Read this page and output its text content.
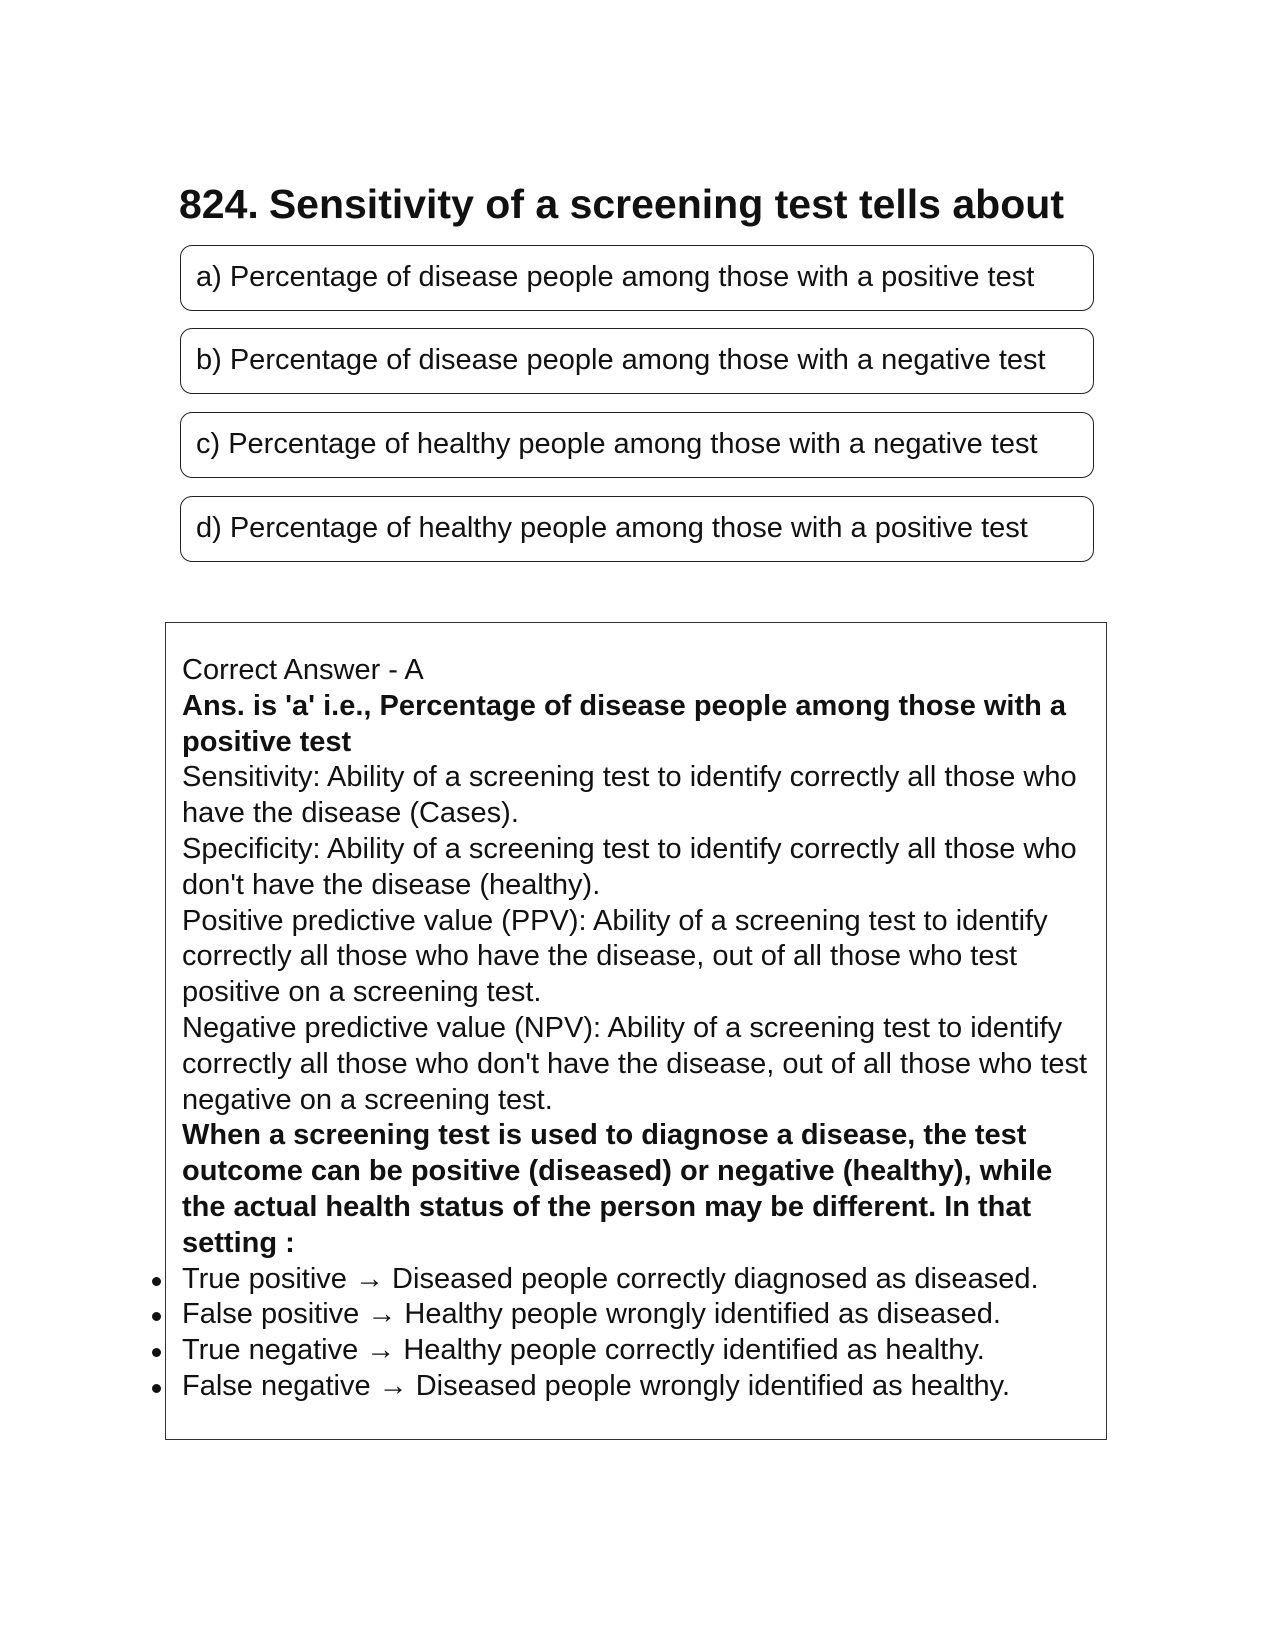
824. Sensitivity of a screening test tells about
a) Percentage of disease people among those with a positive test
b) Percentage of disease people among those with a negative test
c) Percentage of healthy people among those with a negative test
d) Percentage of healthy people among those with a positive test

Correct Answer - A

Ans. is 'a' i.e., Percentage of disease people among those with a positive test

Sensitivity: Ability of a screening test to identify correctly all those who have the disease (Cases).

Specificity: Ability of a screening test to identify correctly all those who don't have the disease (healthy).

Positive predictive value (PPV): Ability of a screening test to identify correctly all those who have the disease, out of all those who test positive on a screening test.

Negative predictive value (NPV): Ability of a screening test to identify correctly all those who don't have the disease, out of all those who test negative on a screening test.

When a screening test is used to diagnose a disease, the test outcome can be positive (diseased) or negative (healthy), while the actual health status of the person may be different. In that setting :

True positive → Diseased people correctly diagnosed as diseased.
False positive → Healthy people wrongly identified as diseased.
True negative → Healthy people correctly identified as healthy.
False negative → Diseased people wrongly identified as healthy.
